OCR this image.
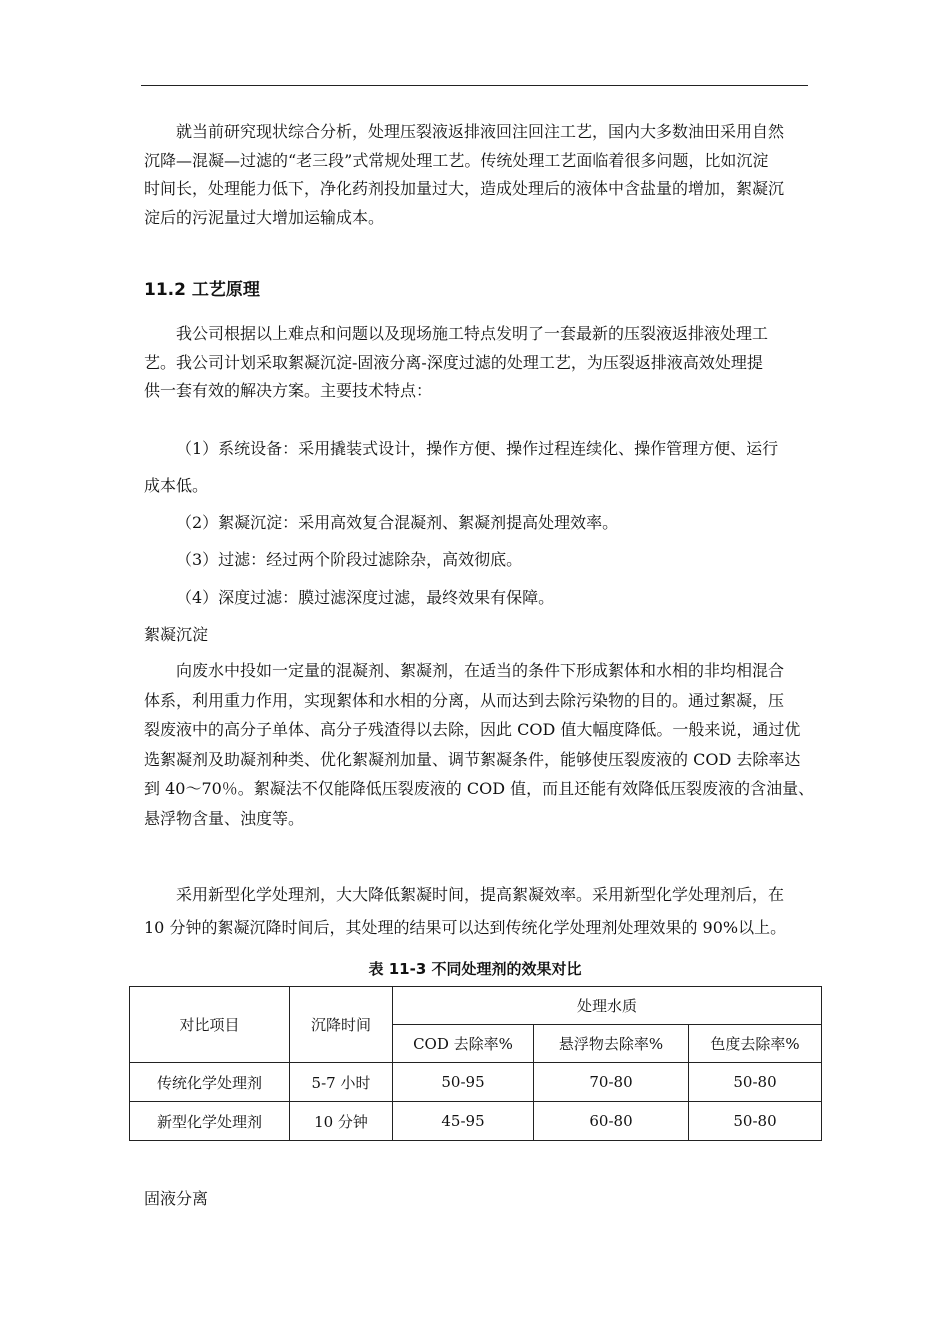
就当前研究现状综合分析，处理压裂液返排液回注回注工艺，国内大多数油田采用自然
沉降—混凝—过滤的“老三段”式常规处理工艺。传统处理工艺面临着很多问题，比如沉淀
时间长，处理能力低下，净化药剂投加量过大，造成处理后的液体中含盐量的增加，絮凝沉
淀后的污泥量过大增加运输成本。

11.2 工艺原理

我公司根据以上难点和问题以及现场施工特点发明了一套最新的压裂液返排液处理工
艺。我公司计划采取絮凝沉淀-固液分离-深度过滤的处理工艺，为压裂返排液高效处理提
供一套有效的解决方案。主要技术特点：

（1）系统设备：采用撬装式设计，操作方便、操作过程连续化、操作管理方便、运行
成本低。
（2）絮凝沉淀：采用高效复合混凝剂、絮凝剂提高处理效率。
（3）过滤：经过两个阶段过滤除杂，高效彻底。
（4）深度过滤：膜过滤深度过滤，最终效果有保障。
絮凝沉淀

向废水中投如一定量的混凝剂、絮凝剂，在适当的条件下形成絮体和水相的非均相混合
体系，利用重力作用，实现絮体和水相的分离，从而达到去除污染物的目的。通过絮凝，压
裂废液中的高分子单体、高分子残渣得以去除，因此 COD 值大幅度降低。一般来说，通过优
选絮凝剂及助凝剂种类、优化絮凝剂加量、调节絮凝条件，能够使压裂废液的 COD 去除率达
到 40～70％。絮凝法不仅能降低压裂废液的 COD 值，而且还能有效降低压裂废液的含油量、
悬浮物含量、浊度等。

采用新型化学处理剂，大大降低絮凝时间，提高絮凝效率。采用新型化学处理剂后，在
10 分钟的絮凝沉降时间后，其处理的结果可以达到传统化学处理剂处理效果的 90%以上。

表 11-3 不同处理剂的效果对比
对比项目	沉降时间	处理水质		
		COD 去除率%	悬浮物去除率%	色度去除率%
传统化学处理剂	5-7 小时	50-95	70-80	50-80
新型化学处理剂	10 分钟	45-95	60-80	50-80
固液分离
